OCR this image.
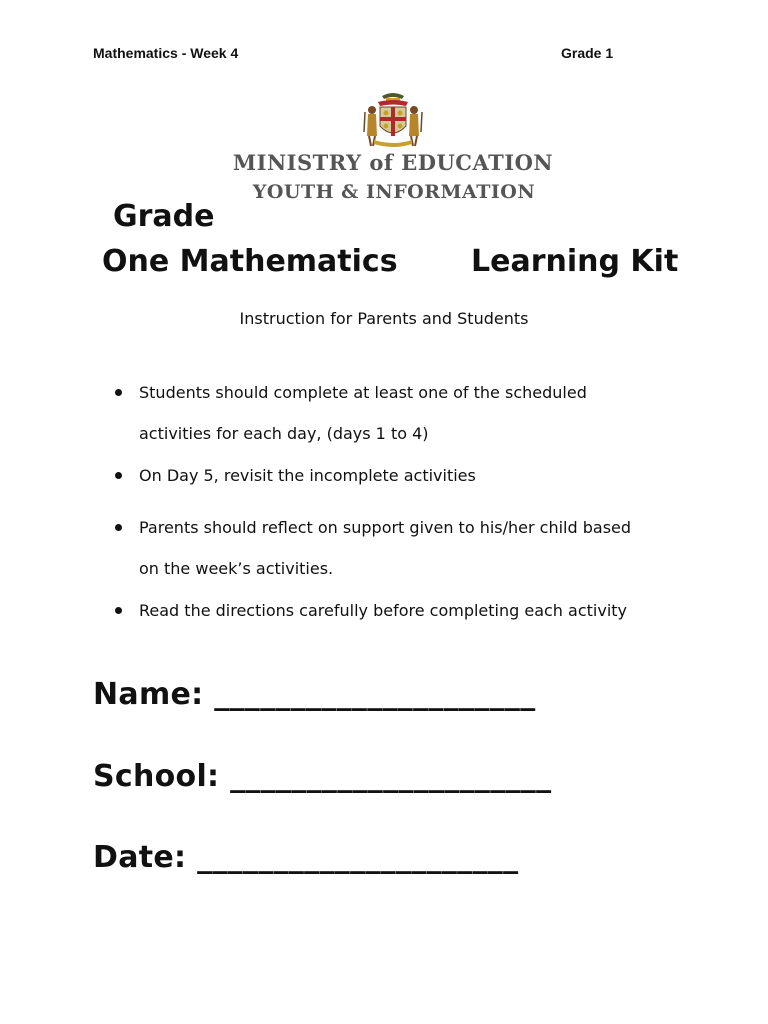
Mathematics - Week 4	Grade 1
MINISTRY of EDUCATION
YOUTH & INFORMATION
Grade
One Mathematics Learning Kit
Instruction for Parents and Students
Students should complete at least one of the scheduled
activities for each day, (days 1 to 4)
On Day 5, revisit the incomplete activities
Parents should reflect on support given to his/her child based
on the week’s activities.
Read the directions carefully before completing each activity
Name: _____________________
School: _____________________
Date: _____________________
